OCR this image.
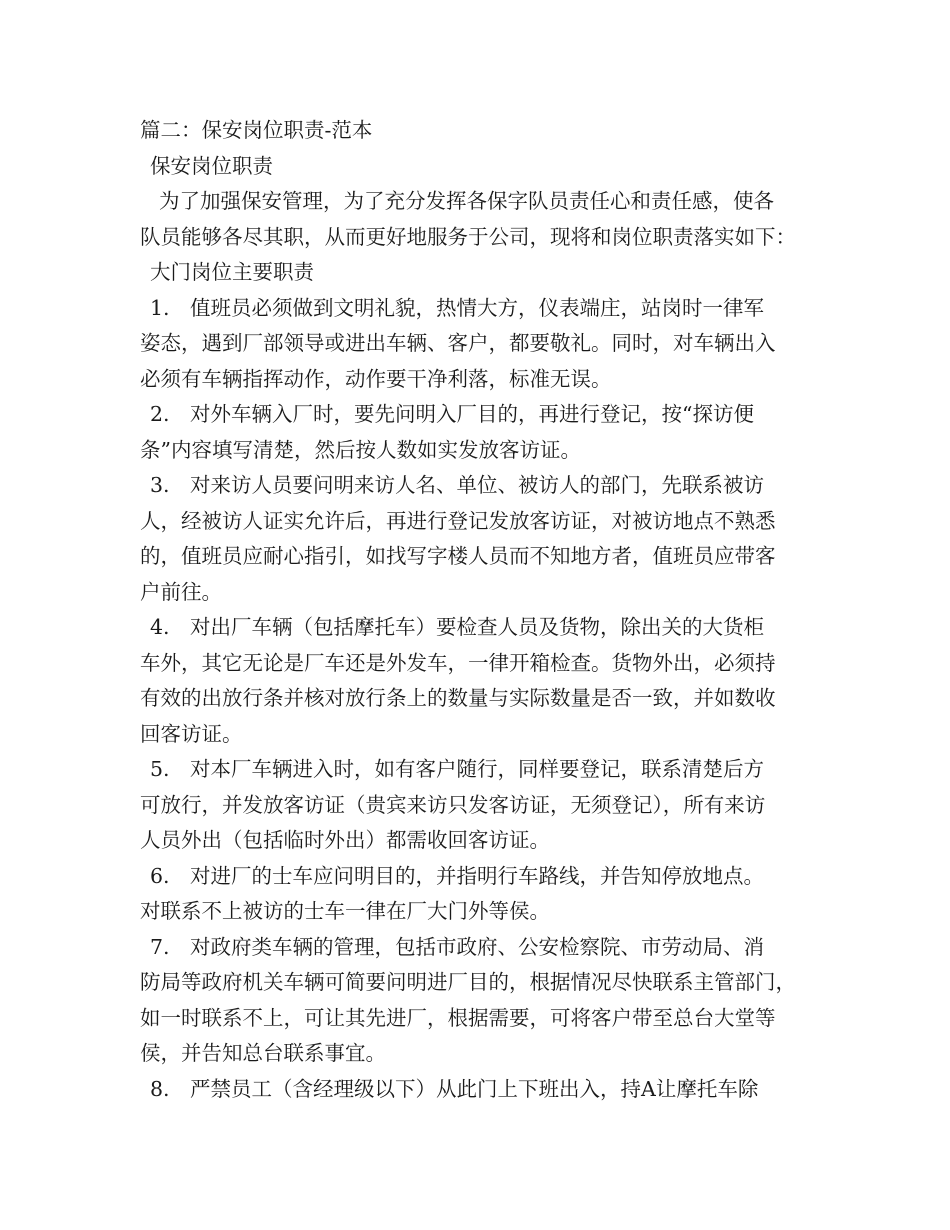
篇二：保安岗位职责-范本
保安岗位职责
为了加强保安管理，为了充分发挥各保字队员责任心和责任感，使各
队员能够各尽其职，从而更好地服务于公司，现将和岗位职责落实如下：
大门岗位主要职责
1.　值班员必须做到文明礼貌，热情大方，仪表端庄，站岗时一律军
姿态，遇到厂部领导或进出车辆、客户，都要敬礼。同时，对车辆出入
必须有车辆指挥动作，动作要干净利落，标准无误。
2.　对外车辆入厂时，要先问明入厂目的，再进行登记，按“探访便
条”内容填写清楚，然后按人数如实发放客访证。
3.　对来访人员要问明来访人名、单位、被访人的部门，先联系被访
人，经被访人证实允许后，再进行登记发放客访证，对被访地点不熟悉
的，值班员应耐心指引，如找写字楼人员而不知地方者，值班员应带客
户前往。
4.　对出厂车辆（包括摩托车）要检查人员及货物，除出关的大货柜
车外，其它无论是厂车还是外发车，一律开箱检查。货物外出，必须持
有效的出放行条并核对放行条上的数量与实际数量是否一致，并如数收
回客访证。
5.　对本厂车辆进入时，如有客户随行，同样要登记，联系清楚后方
可放行，并发放客访证（贵宾来访只发客访证，无须登记），所有来访
人员外出（包括临时外出）都需收回客访证。
6.　对进厂的士车应问明目的，并指明行车路线，并告知停放地点。
对联系不上被访的士车一律在厂大门外等侯。
7.　对政府类车辆的管理，包括市政府、公安检察院、市劳动局、消
防局等政府机关车辆可简要问明进厂目的，根据情况尽快联系主管部门，
如一时联系不上，可让其先进厂，根据需要，可将客户带至总台大堂等
侯，并告知总台联系事宜。
8.　严禁员工（含经理级以下）从此门上下班出入，持A让摩托车除
